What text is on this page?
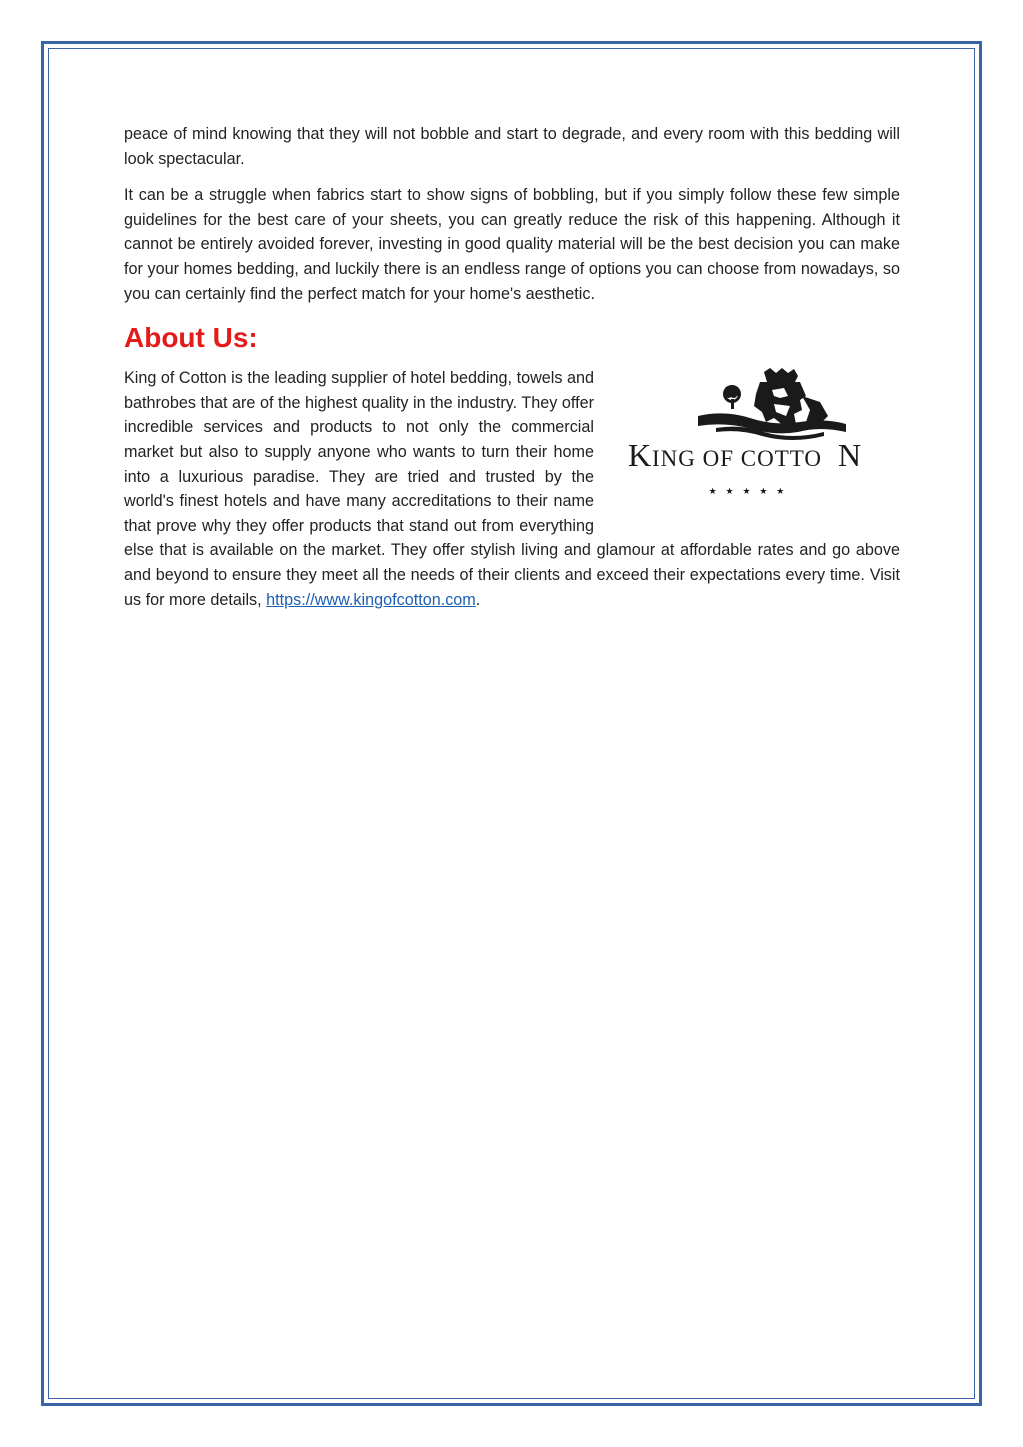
peace of mind knowing that they will not bobble and start to degrade, and every room with this bedding will look spectacular.

It can be a struggle when fabrics start to show signs of bobbling, but if you simply follow these few simple guidelines for the best care of your sheets, you can greatly reduce the risk of this happening. Although it cannot be entirely avoided forever, investing in good quality material will be the best decision you can make for your homes bedding, and luckily there is an endless range of options you can choose from nowadays, so you can certainly find the perfect match for your home's aesthetic.

About Us:
K ING OF COTTO N
★ ★ ★ ★ ★

King of Cotton is the leading supplier of hotel bedding, towels and bathrobes that are of the highest quality in the industry. They offer incredible services and products to not only the commercial market but also to supply anyone who wants to turn their home into a luxurious paradise. They are tried and trusted by the world's finest hotels and have many accreditations to their name that prove why they offer products that stand out from everything else that is available on the market. They offer stylish living and glamour at affordable rates and go above and beyond to ensure they meet all the needs of their clients and exceed their expectations every time. Visit us for more details, https://www.kingofcotton.com.
